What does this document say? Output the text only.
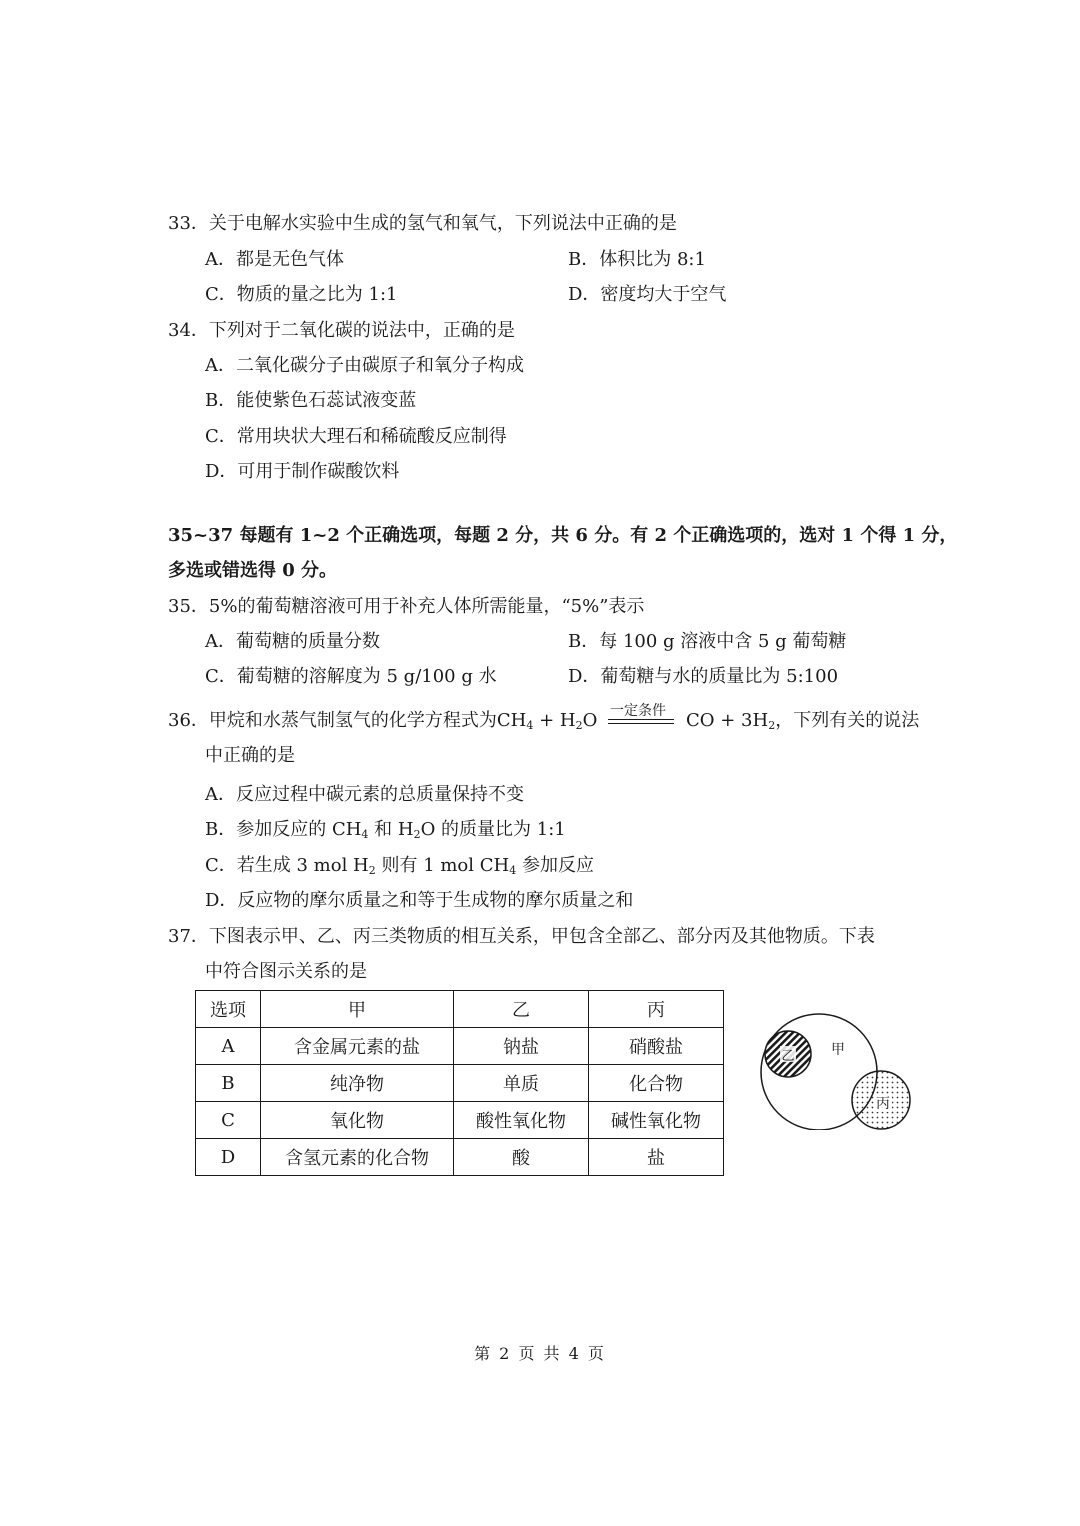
33．关于电解水实验中生成的氢气和氧气，下列说法中正确的是
A．都是无色气体	B．体积比为 8:1
C．物质的量之比为 1:1	D．密度均大于空气
34．下列对于二氧化碳的说法中，正确的是
A．二氧化碳分子由碳原子和氧分子构成
B．能使紫色石蕊试液变蓝
C．常用块状大理石和稀硫酸反应制得
D．可用于制作碳酸饮料
35~37 每题有 1~2 个正确选项，每题 2 分，共 6 分。有 2 个正确选项的，选对 1 个得 1 分，
多选或错选得 0 分。
35．5%的葡萄糖溶液可用于补充人体所需能量，“5%”表示
A．葡萄糖的质量分数	B．每 100 g 溶液中含 5 g 葡萄糖
C．葡萄糖的溶解度为 5 g/100 g 水	D．葡萄糖与水的质量比为 5:100
36．甲烷和水蒸气制氢气的化学方程式为$CH_4 + H_2O$ 一定条件 CO + $3H_2$，下列有关的说法
中正确的是
A．反应过程中碳元素的总质量保持不变
B．参加反应的 $CH_4$ 和 $H_2O$ 的质量比为 1:1
C．若生成 3 mol $H_2$ 则有 1 mol $CH_4$ 参加反应
D．反应物的摩尔质量之和等于生成物的摩尔质量之和
37．下图表示甲、乙、丙三类物质的相互关系，甲包含全部乙、部分丙及其他物质。下表
中符合图示关系的是
选项	甲	乙	丙
A	含金属元素的盐	钠盐	硝酸盐
B	纯净物	单质	化合物
C	氧化物	酸性氧化物	碱性氧化物
D	含氢元素的化合物	酸	盐
乙	甲
丙
第 2 页 共 4 页
